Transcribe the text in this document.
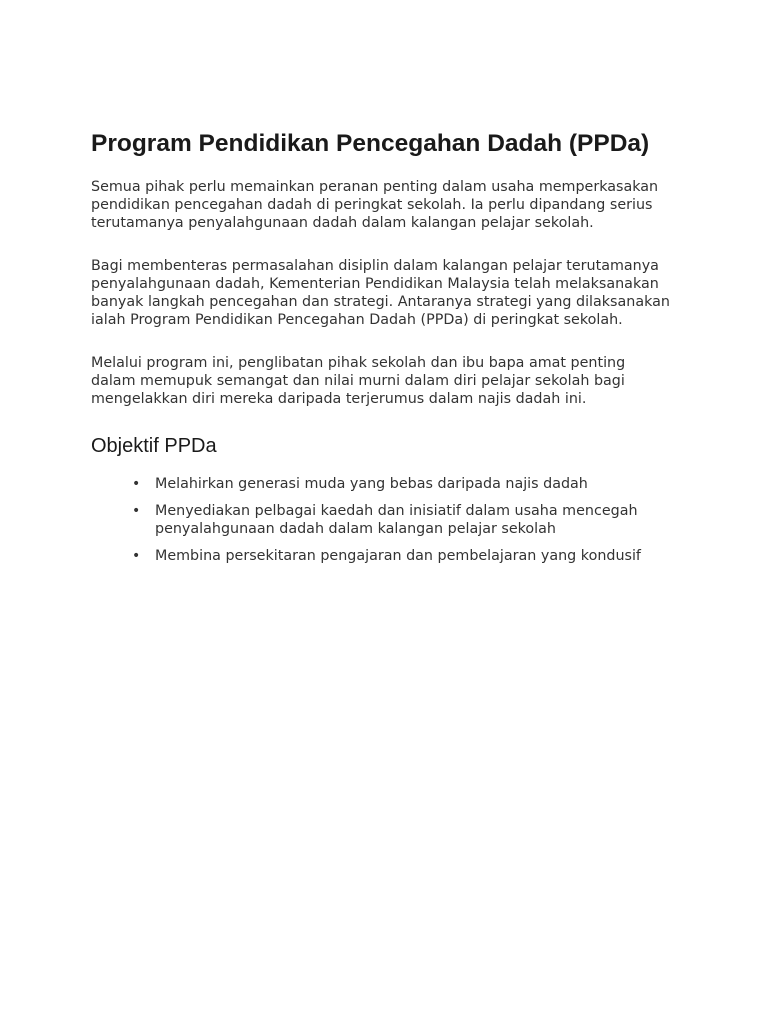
Program Pendidikan Pencegahan Dadah (PPDa)

Semua pihak perlu memainkan peranan penting dalam usaha memperkasakan
pendidikan pencegahan dadah di peringkat sekolah. Ia perlu dipandang serius
terutamanya penyalahgunaan dadah dalam kalangan pelajar sekolah.

Bagi membenteras permasalahan disiplin dalam kalangan pelajar terutamanya
penyalahgunaan dadah, Kementerian Pendidikan Malaysia telah melaksanakan
banyak langkah pencegahan dan strategi. Antaranya strategi yang dilaksanakan
ialah Program Pendidikan Pencegahan Dadah (PPDa) di peringkat sekolah.

Melalui program ini, penglibatan pihak sekolah dan ibu bapa amat penting
dalam memupuk semangat dan nilai murni dalam diri pelajar sekolah bagi
mengelakkan diri mereka daripada terjerumus dalam najis dadah ini.

Objektif PPDa
• Melahirkan generasi muda yang bebas daripada najis dadah
• Menyediakan pelbagai kaedah dan inisiatif dalam usaha mencegah
penyalahgunaan dadah dalam kalangan pelajar sekolah
• Membina persekitaran pengajaran dan pembelajaran yang kondusif
